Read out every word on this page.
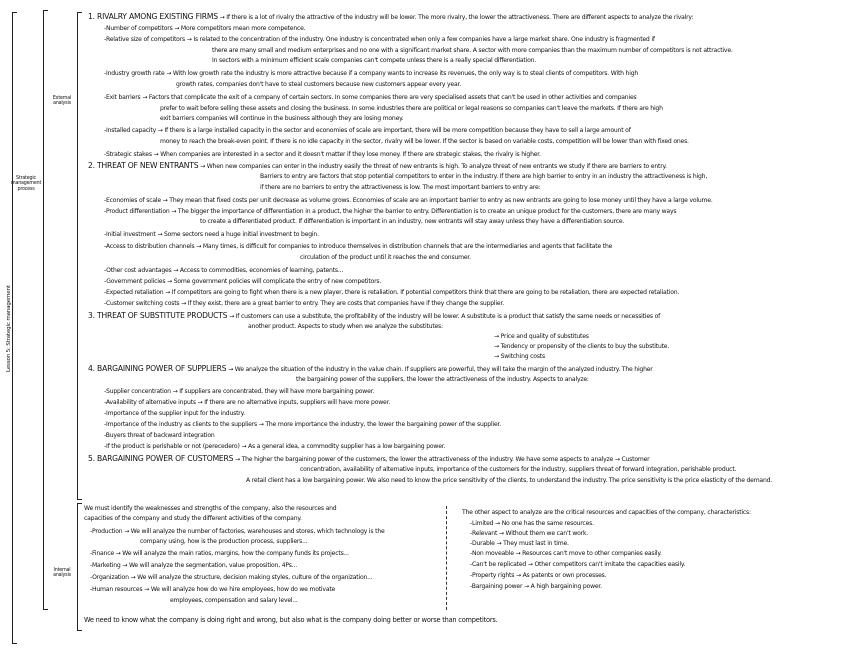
Lesson 5: Strategic management
Strategic
management
process
External
analysis
Internal
analysis
1. RIVALRY AMONG EXISTING FIRMS → If there is a lot of rivalry the attractive of the industry will be lower. The more rivalry, the lower the attractiveness. There are different aspects to analyze the rivalry:
-Number of competitors → More competitors mean more competence.
-Relative size of competitors → Is related to the concentration of the industry. One industry is concentrated when only a few companies have a large market share. One industry is fragmented if
there are many small and medium enterprises and no one with a significant market share. A sector with more companies than the maximum number of competitors is not attractive.
In sectors with a minimum efficient scale companies can't compete unless there is a really special differentiation.
-Industry growth rate → With low growth rate the industry is more attractive because if a company wants to increase its revenues, the only way is to steal clients of competitors. With high
growth rates, companies don't have to steal customers because new customers appear every year.
-Exit barriers → Factors that complicate the exit of a company of certain sectors. In some companies there are very specialised assets that can't be used in other activities and companies
prefer to wait before selling these assets and closing the business. In some industries there are political or legal reasons so companies can't leave the markets. If there are high
exit barriers companies will continue in the business although they are losing money.
-Installed capacity → If there is a large installed capacity in the sector and economies of scale are important, there will be more competition because they have to sell a large amount of
money to reach the break-even point. If there is no idle capacity in the sector, rivalry will be lower. If the sector is based on variable costs, competition will be lower than with fixed ones.
-Strategic stakes → When companies are interested in a sector and it doesn't matter if they lose money. If there are strategic stakes, the rivalry is higher.
2. THREAT OF NEW ENTRANTS → When new companies can enter in the industry easily the threat of new entrants is high. To analyze threat of new entrants we study if there are barriers to entry.
Barriers to entry are factors that stop potential competitors to enter in the industry. If there are high barrier to entry in an industry the attractiveness is high,
if there are no barriers to entry the attractiveness is low. The most important barriers to entry are:
-Economies of scale → They mean that fixed costs per unit decrease as volume grows. Economies of scale are an important barrier to entry as new entrants are going to lose money until they have a large volume.
-Product differentiation → The bigger the importance of differentiation in a product, the higher the barrier to entry. Differentiation is to create an unique product for the customers, there are many ways
to create a differentiated product. If differentiation is important in an industry, new entrants will stay away unless they have a differentiation source.
-Initial investment → Some sectors need a huge initial investment to begin.
-Access to distribution channels → Many times, is difficult for companies to introduce themselves in distribution channels that are the intermediaries and agents that facilitate the
circulation of the product until it reaches the end consumer.
-Other cost advantages → Access to commodities, economies of learning, patents...
-Government policies → Some government policies will complicate the entry of new competitors.
-Expected retaliation → If competitors are going to fight when there is a new player, there is retaliation. If potential competitors think that there are going to be retaliation, there are expected retaliation.
-Customer switching costs → If they exist, there are a great barrier to entry. They are costs that companies have if they change the supplier.
3. THREAT OF SUBSTITUTE PRODUCTS → If customers can use a substitute, the profitability of the industry will be lower. A substitute is a product that satisfy the same needs or necessities of
another product. Aspects to study when we analyze the substitutes:
→ Price and quality of substitutes
→ Tendency or propensity of the clients to buy the substitute.
→ Switching costs
4. BARGAINING POWER OF SUPPLIERS → We analyze the situation of the industry in the value chain. If suppliers are powerful, they will take the margin of the analyzed industry. The higher
the bargaining power of the suppliers, the lower the attractiveness of the industry. Aspects to analyze:
-Supplier concentration → If suppliers are concentrated, they will have more bargaining power.
-Availability of alternative inputs → If there are no alternative inputs, suppliers will have more power.
-Importance of the supplier input for the industry.
-Importance of the industry as clients to the suppliers → The more importance the industry, the lower the bargaining power of the supplier.
-Buyers threat of backward integration
-If the product is perishable or not (perecedero) → As a general idea, a commodity supplier has a low bargaining power.
5. BARGAINING POWER OF CUSTOMERS → The higher the bargaining power of the customers, the lower the attractiveness of the industry. We have some aspects to analyze → Customer
concentration, availability of alternative inputs, importance of the customers for the industry, suppliers threat of forward integration, perishable product.
A retail client has a low bargaining power. We also need to know the price sensitivity of the clients, to understand the industry. The price sensitivity is the price elasticity of the demand.
We must identify the weaknesses and strengths of the company, also the resources and
capacities of the company and study the different activities of the company.
-Production → We will analyze the number of factories, warehouses and stores, which technology is the
company using, how is the production process, suppliers...
-Finance → We will analyze the main ratios, margins, how the company funds its projects...
-Marketing → We will analyze the segmentation, value proposition, 4Ps...
-Organization → We will analyze the structure, decision making styles, culture of the organization...
-Human resources → We will analyze how do we hire employees, how do we motivate
employees, compensation and salary level...
The other aspect to analyze are the critical resources and capacities of the company, characteristics:
-Limited → No one has the same resources.
-Relevant → Without them we can't work.
-Durable → They must last in time.
-Non moveable → Resources can't move to other companies easily.
-Can't be replicated → Other competitors can't imitate the capacities easily.
-Property rights → As patents or own processes.
-Bargaining power → A high bargaining power.
We need to know what the company is doing right and wrong, but also what is the company doing better or worse than competitors.
